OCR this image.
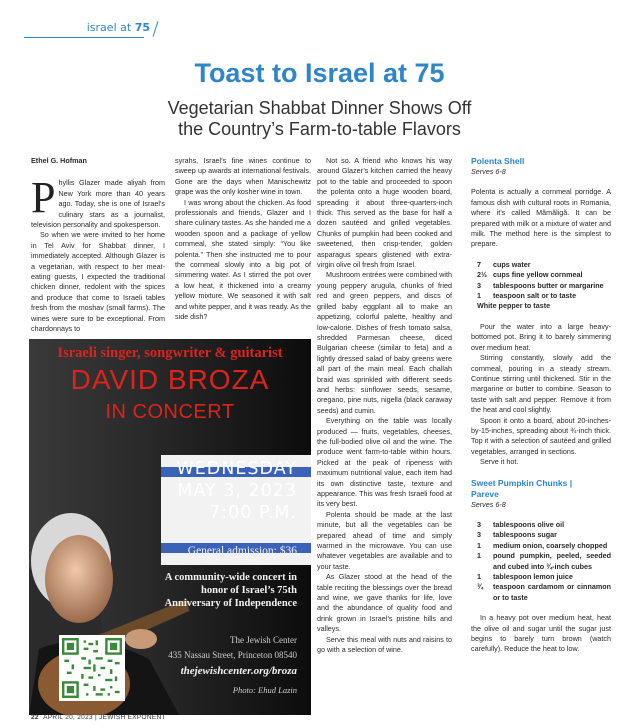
israel at 75
Toast to Israel at 75
Vegetarian Shabbat Dinner Shows Off
the Country’s Farm-to-table Flavors
Ethel G. Hofman

Phyllis Glazer made aliyah from New York more than 40 years ago. Today, she is one of Israel’s culinary stars as a journalist, television personality and spokesperson.

So when we were invited to her home in Tel Aviv for Shabbat dinner, I immediately accepted. Although Glazer is a vegetarian, with respect to her meat-eating guests, I expected the traditional chicken dinner, redolent with the spices and produce that come to Israeli tables fresh from the moshav (small farms). The wines were sure to be exceptional. From chardonnays to

syrahs, Israel’s fine wines continue to sweep up awards at international festivals. Gone are the days when Manischewitz grape was the only kosher wine in town.

I was wrong about the chicken. As food professionals and friends, Glazer and I share culinary tastes. As she handed me a wooden spoon and a package of yellow cornmeal, she stated simply: “You like polenta.” Then she instructed me to pour the cornmeal slowly into a big pot of simmering water. As I stirred the pot over a low heat, it thickened into a creamy yellow mixture. We seasoned it with salt and white pepper, and it was ready. As the side dish?

Israeli singer, songwriter & guitarist
DAVID BROZA
IN CONCERT
WEDNESDAY
MAY 3, 2023
7:00 P.M.
Premier admission: $75
General admission: $36
A community-wide concert in honor of Israel’s 75th Anniversary of Independence
The Jewish Center
435 Nassau Street, Princeton 08540
thejewishcenter.org/broza
Photo: Ehud Lazin

Not so. A friend who knows his way around Glazer’s kitchen carried the heavy pot to the table and proceeded to spoon the polenta onto a huge wooden board, spreading it about three-quarters-inch thick. This served as the base for half a dozen sautéed and grilled vegetables. Chunks of pumpkin had been cooked and sweetened, then crisp-tender, golden asparagus spears glistened with extra-virgin olive oil fresh from Israel.

Mushroom entrées were combined with young peppery arugula, chunks of fried red and green peppers, and discs of grilled baby eggplant all to make an appetizing, colorful palette, healthy and low-calorie. Dishes of fresh tomato salsa, shredded Parmesan cheese, diced Bulgarian cheese (similar to feta) and a lightly dressed salad of baby greens were all part of the main meal. Each challah braid was sprinkled with different seeds and herbs: sunflower seeds, sesame, oregano, pine nuts, nigella (black caraway seeds) and cumin.

Everything on the table was locally produced — fruits, vegetables, cheeses, the full-bodied olive oil and the wine. The produce went farm-to-table within hours. Picked at the peak of ripeness with maximum nutritional value, each item had its own distinctive taste, texture and appearance. This was fresh Israeli food at its very best.

Polenta should be made at the last minute, but all the vegetables can be prepared ahead of time and simply warmed in the microwave. You can use whatever vegetables are available and to your taste.

As Glazer stood at the head of the table reciting the blessings over the bread and wine, we gave thanks for life, love and the abundance of quality food and drink grown in Israel’s pristine hills and valleys.

Serve this meal with nuts and raisins to go with a selection of wine.

Polenta Shell
Serves 6-8

Polenta is actually a cornmeal porridge. A famous dish with cultural roots in Romania, where it’s called Mămăligă. It can be prepared with milk or a mixture of water and milk. The method here is the simplest to prepare.

7	cups water
2½ cups fine yellow cornmeal
3	tablespoons butter or margarine
1	teaspoon salt or to taste
White pepper to taste

Pour the water into a large heavy-bottomed pot. Bring it to barely simmering over medium heat.

Stirring constantly, slowly add the cornmeal, pouring in a steady stream. Continue stirring until thickened. Stir in the margarine or butter to combine. Season to taste with salt and pepper. Remove it from the heat and cool slightly.

Spoon it onto a board, about 20-inches-by-15-inches, spreading about ¾-inch thick. Top it with a selection of sautéed and grilled vegetables, arranged in sections.

Serve it hot.

Sweet Pumpkin Chunks |
Pareve
Serves 6-8
3	tablespoons olive oil
3	tablespoons sugar
1	medium onion, coarsely chopped
1	pound pumpkin, peeled, seeded and cubed into ¾-inch cubes
1	tablespoon lemon juice
¾	teaspoon cardamom or cinnamon or to taste

In a heavy pot over medium heat, heat the olive oil and sugar until the sugar just begins to barely turn brown (watch carefully). Reduce the heat to low.

22 APRIL 20, 2023 | JEWISH EXPONENT
